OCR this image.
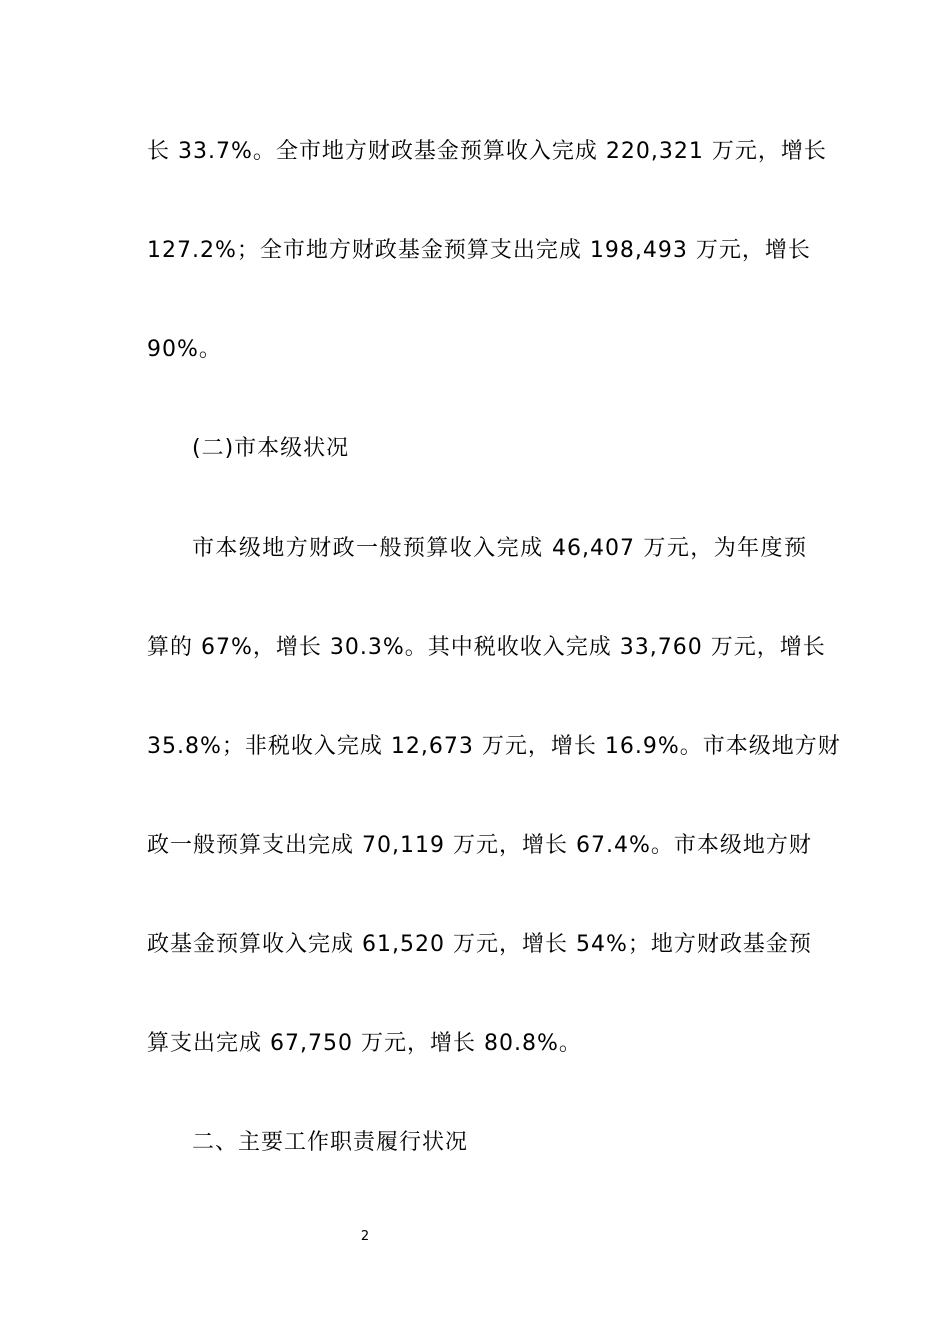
长 33.7%。全市地方财政基金预算收入完成 220,321 万元，增长
127.2%；全市地方财政基金预算支出完成 198,493 万元，增长
90%。
(二)市本级状况
市本级地方财政一般预算收入完成 46,407 万元，为年度预
算的 67%，增长 30.3%。其中税收收入完成 33,760 万元，增长
35.8%；非税收入完成 12,673 万元，增长 16.9%。市本级地方财
政一般预算支出完成 70,119 万元，增长 67.4%。市本级地方财
政基金预算收入完成 61,520 万元，增长 54%；地方财政基金预
算支出完成 67,750 万元，增长 80.8%。
二、主要工作职责履行状况
2
